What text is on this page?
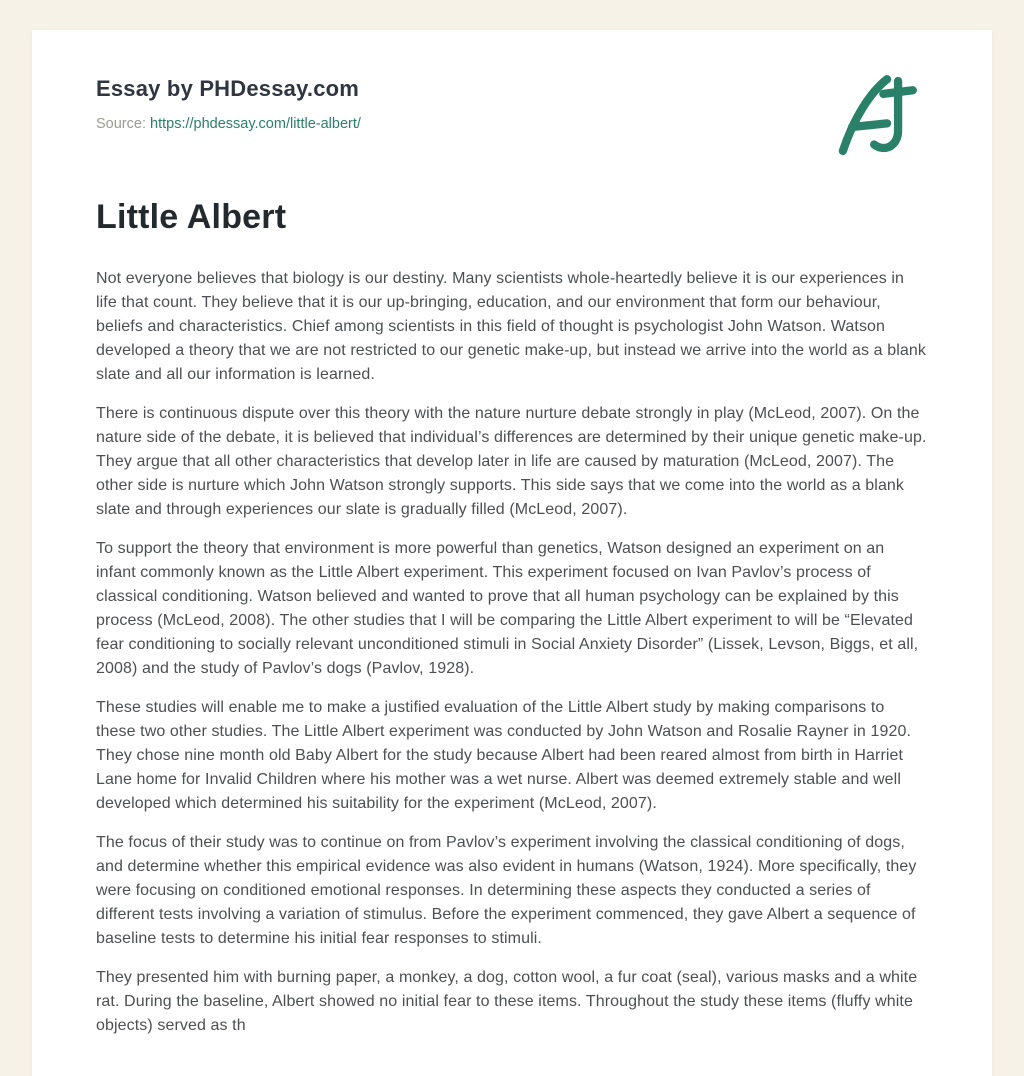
Essay by PHDessay.com
Source: https://phdessay.com/little-albert/
Little Albert

Not everyone believes that biology is our destiny. Many scientists whole-heartedly believe it is our experiences in life that count. They believe that it is our up-bringing, education, and our environment that form our behaviour, beliefs and characteristics. Chief among scientists in this field of thought is psychologist John Watson. Watson developed a theory that we are not restricted to our genetic make-up, but instead we arrive into the world as a blank slate and all our information is learned.

There is continuous dispute over this theory with the nature nurture debate strongly in play (McLeod, 2007). On the nature side of the debate, it is believed that individual’s differences are determined by their unique genetic make-up. They argue that all other characteristics that develop later in life are caused by maturation (McLeod, 2007). The other side is nurture which John Watson strongly supports. This side says that we come into the world as a blank slate and through experiences our slate is gradually filled (McLeod, 2007).

To support the theory that environment is more powerful than genetics, Watson designed an experiment on an infant commonly known as the Little Albert experiment. This experiment focused on Ivan Pavlov’s process of classical conditioning. Watson believed and wanted to prove that all human psychology can be explained by this process (McLeod, 2008). The other studies that I will be comparing the Little Albert experiment to will be “Elevated fear conditioning to socially relevant unconditioned stimuli in Social Anxiety Disorder” (Lissek, Levson, Biggs, et all, 2008) and the study of Pavlov’s dogs (Pavlov, 1928).

These studies will enable me to make a justified evaluation of the Little Albert study by making comparisons to these two other studies. The Little Albert experiment was conducted by John Watson and Rosalie Rayner in 1920. They chose nine month old Baby Albert for the study because Albert had been reared almost from birth in Harriet Lane home for Invalid Children where his mother was a wet nurse. Albert was deemed extremely stable and well developed which determined his suitability for the experiment (McLeod, 2007).

The focus of their study was to continue on from Pavlov’s experiment involving the classical conditioning of dogs, and determine whether this empirical evidence was also evident in humans (Watson, 1924). More specifically, they were focusing on conditioned emotional responses. In determining these aspects they conducted a series of different tests involving a variation of stimulus. Before the experiment commenced, they gave Albert a sequence of baseline tests to determine his initial fear responses to stimuli.

They presented him with burning paper, a monkey, a dog, cotton wool, a fur coat (seal), various masks and a white rat. During the baseline, Albert showed no initial fear to these items. Throughout the study these items (fluffy white objects) served as th
